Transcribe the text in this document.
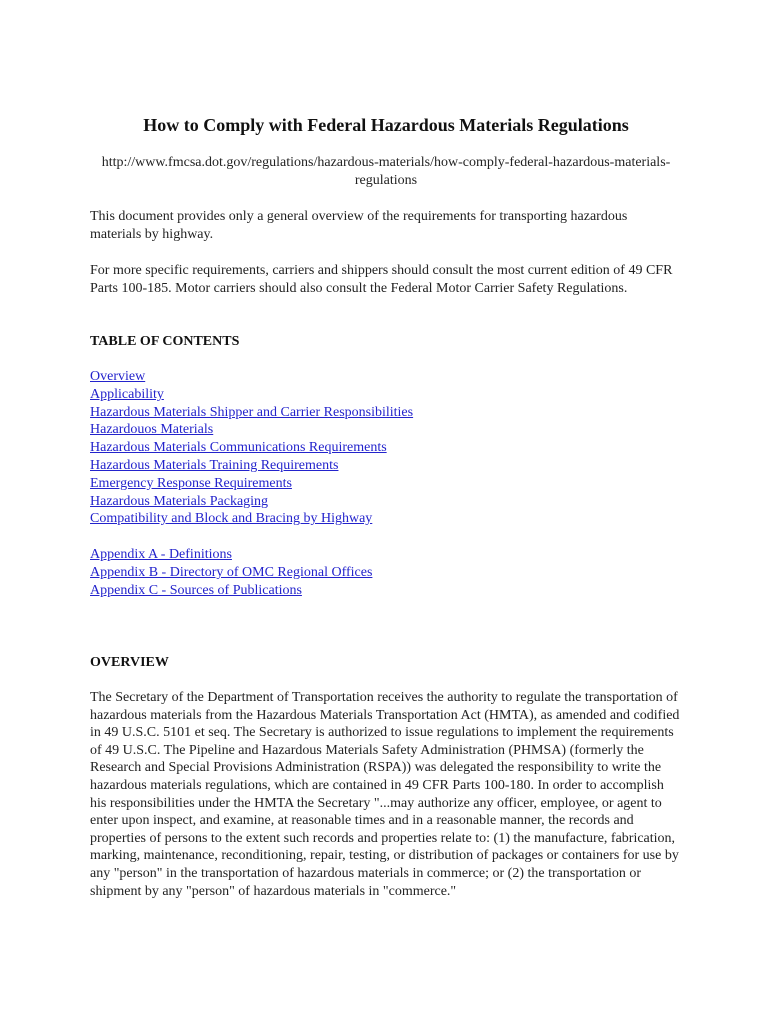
How to Comply with Federal Hazardous Materials Regulations

http://www.fmcsa.dot.gov/regulations/hazardous-materials/how-comply-federal-hazardous-materials-regulations

This document provides only a general overview of the requirements for transporting hazardous materials by highway.

For more specific requirements, carriers and shippers should consult the most current edition of 49 CFR Parts 100-185. Motor carriers should also consult the Federal Motor Carrier Safety Regulations.

TABLE OF CONTENTS
Overview
Applicability
Hazardous Materials Shipper and Carrier Responsibilities
Hazardouos Materials
Hazardous Materials Communications Requirements
Hazardous Materials Training Requirements
Emergency Response Requirements
Hazardous Materials Packaging
Compatibility and Block and Bracing by Highway
Appendix A - Definitions
Appendix B - Directory of OMC Regional Offices
Appendix C - Sources of Publications
OVERVIEW

The Secretary of the Department of Transportation receives the authority to regulate the transportation of hazardous materials from the Hazardous Materials Transportation Act (HMTA), as amended and codified in 49 U.S.C. 5101 et seq. The Secretary is authorized to issue regulations to implement the requirements of 49 U.S.C. The Pipeline and Hazardous Materials Safety Administration (PHMSA) (formerly the Research and Special Provisions Administration (RSPA)) was delegated the responsibility to write the hazardous materials regulations, which are contained in 49 CFR Parts 100-180. In order to accomplish his responsibilities under the HMTA the Secretary "...may authorize any officer, employee, or agent to enter upon inspect, and examine, at reasonable times and in a reasonable manner, the records and properties of persons to the extent such records and properties relate to: (1) the manufacture, fabrication, marking, maintenance, reconditioning, repair, testing, or distribution of packages or containers for use by any "person" in the transportation of hazardous materials in commerce; or (2) the transportation or shipment by any "person" of hazardous materials in "commerce."
